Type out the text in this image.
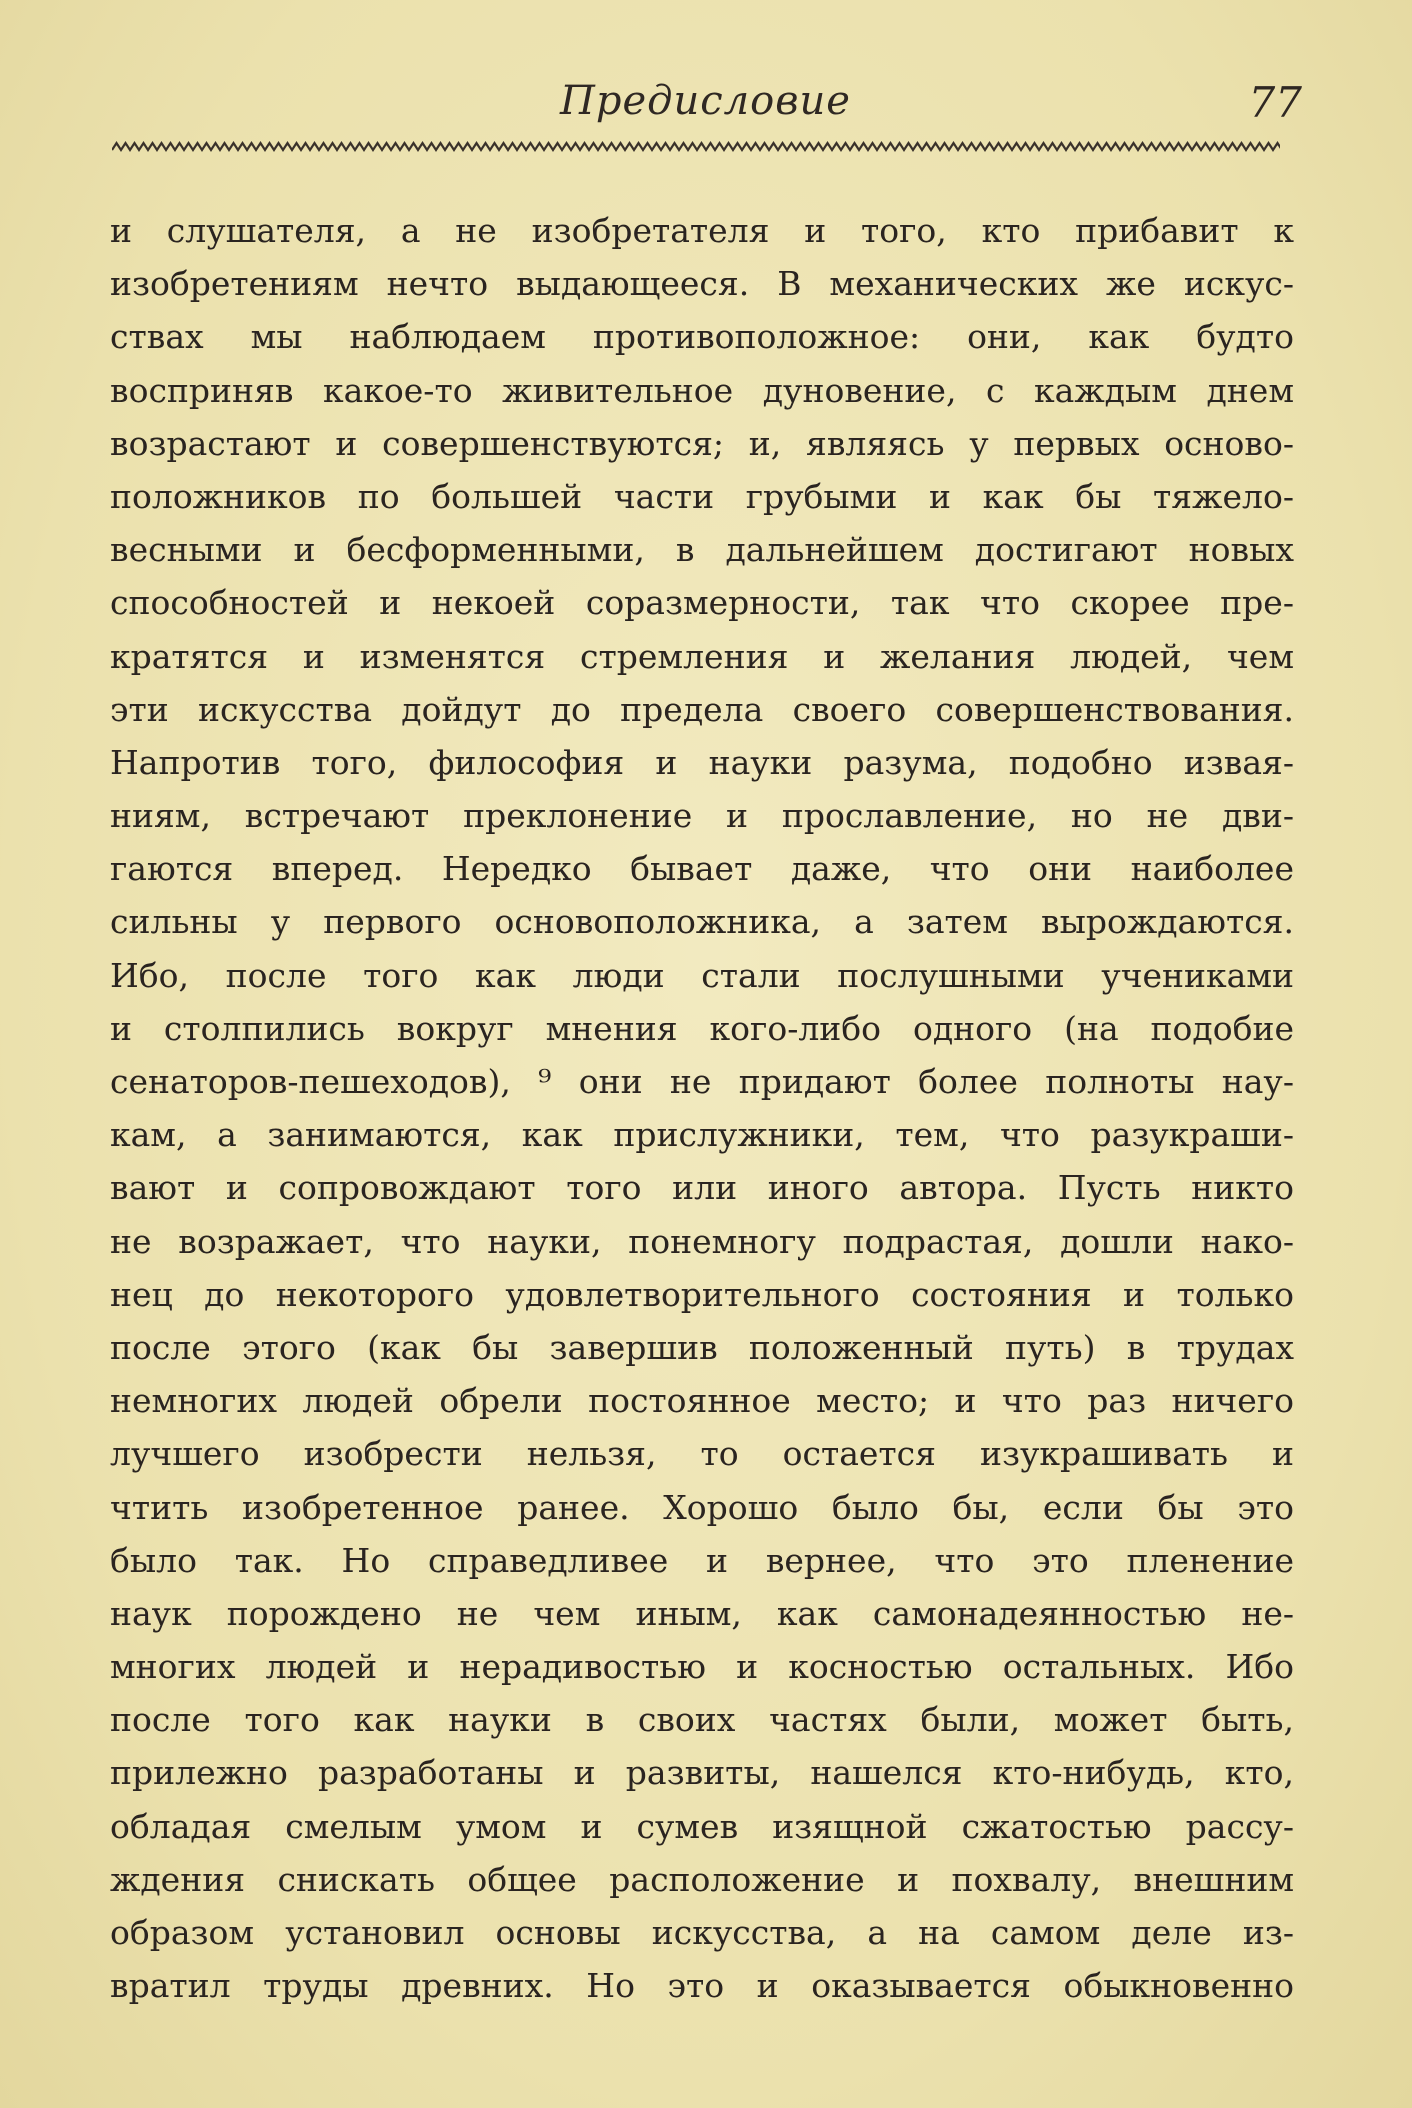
Предисловие	77
и слушателя, а не изобретателя и того, кто прибавит к
изобретениям нечто выдающееся. В механических же искус-
ствах мы наблюдаем противоположное: они, как будто
восприняв какое-то живительное дуновение, с каждым днем
возрастают и совершенствуются; и, являясь у первых осново-
положников по большей части грубыми и как бы тяжело-
весными и бесформенными, в дальнейшем достигают новых
способностей и некоей соразмерности, так что скорее пре-
кратятся и изменятся стремления и желания людей, чем
эти искусства дойдут до предела своего совершенствования.
Напротив того, философия и науки разума, подобно извая-
ниям, встречают преклонение и прославление, но не дви-
гаются вперед. Нередко бывает даже, что они наиболее
сильны у первого основоположника, а затем вырождаются.
Ибо, после того как люди стали послушными учениками
и столпились вокруг мнения кого-либо одного (на подобие
сенаторов-пешеходов), ⁹ они не придают более полноты нау-
кам, а занимаются, как прислужники, тем, что разукраши-
вают и сопровождают того или иного автора. Пусть никто
не возражает, что науки, понемногу подрастая, дошли нако-
нец до некоторого удовлетворительного состояния и только
после этого (как бы завершив положенный путь) в трудах
немногих людей обрели постоянное место; и что раз ничего
лучшего изобрести нельзя, то остается изукрашивать и
чтить изобретенное ранее. Хорошо было бы, если бы это
было так. Но справедливее и вернее, что это пленение
наук порождено не чем иным, как самонадеянностью не-
многих людей и нерадивостью и косностью остальных. Ибо
после того как науки в своих частях были, может быть,
прилежно разработаны и развиты, нашелся кто-нибудь, кто,
обладая смелым умом и сумев изящной сжатостью рассу-
ждения снискать общее расположение и похвалу, внешним
образом установил основы искусства, а на самом деле из-
вратил труды древних. Но это и оказывается обыкновенно
